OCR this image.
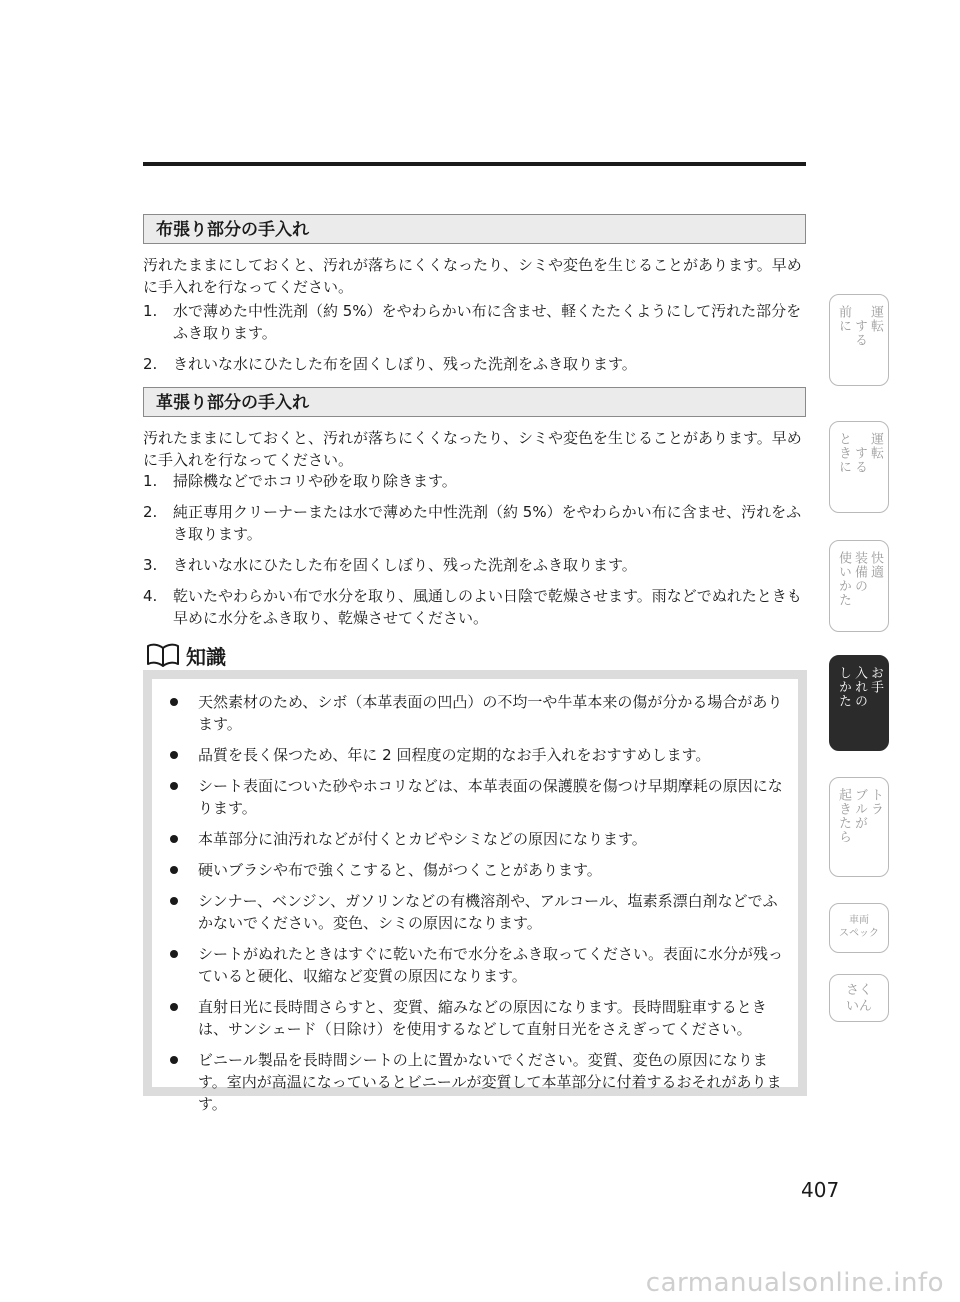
布張り部分の手入れ
汚れたままにしておくと、汚れが落ちにくくなったり、シミや変色を生じることがあります。早めに手入れを行なってください。
1. 水で薄めた中性洗剤（約 5%）をやわらかい布に含ませ、軽くたたくようにして汚れた部分をふき取ります。
2. きれいな水にひたした布を固くしぼり、残った洗剤をふき取ります。
革張り部分の手入れ
汚れたままにしておくと、汚れが落ちにくくなったり、シミや変色を生じることがあります。早めに手入れを行なってください。
1. 掃除機などでホコリや砂を取り除きます。
2. 純正専用クリーナーまたは水で薄めた中性洗剤（約 5%）をやわらかい布に含ませ、汚れをふき取ります。
3. きれいな水にひたした布を固くしぼり、残った洗剤をふき取ります。
4. 乾いたやわらかい布で水分を取り、風通しのよい日陰で乾燥させます。雨などでぬれたときも早めに水分をふき取り、乾燥させてください。
知識
天然素材のため、シボ（本革表面の凹凸）の不均一や牛革本来の傷が分かる場合があります。
品質を長く保つため、年に 2 回程度の定期的なお手入れをおすすめします。
シート表面についた砂やホコリなどは、本革表面の保護膜を傷つけ早期摩耗の原因になります。
本革部分に油汚れなどが付くとカビやシミなどの原因になります。
硬いブラシや布で強くこすると、傷がつくことがあります。
シンナー、ベンジン、ガソリンなどの有機溶剤や、アルコール、塩素系漂白剤などでふかないでください。変色、シミの原因になります。
シートがぬれたときはすぐに乾いた布で水分をふき取ってください。表面に水分が残っていると硬化、収縮など変質の原因になります。
直射日光に長時間さらすと、変質、縮みなどの原因になります。長時間駐車するときは、サンシェード（日除け）を使用するなどして直射日光をさえぎってください。
ビニール製品を長時間シートの上に置かないでください。変質、変色の原因になります。室内が高温になっているとビニールが変質して本革部分に付着するおそれがあります。
運転
する
前に
運転
する
ときに
快適
装備の
使いかた
お手
入れの
しかた
トラ
ブルが
起きたら
車両
スペック
さく
いん
407
carmanualsonline.info
